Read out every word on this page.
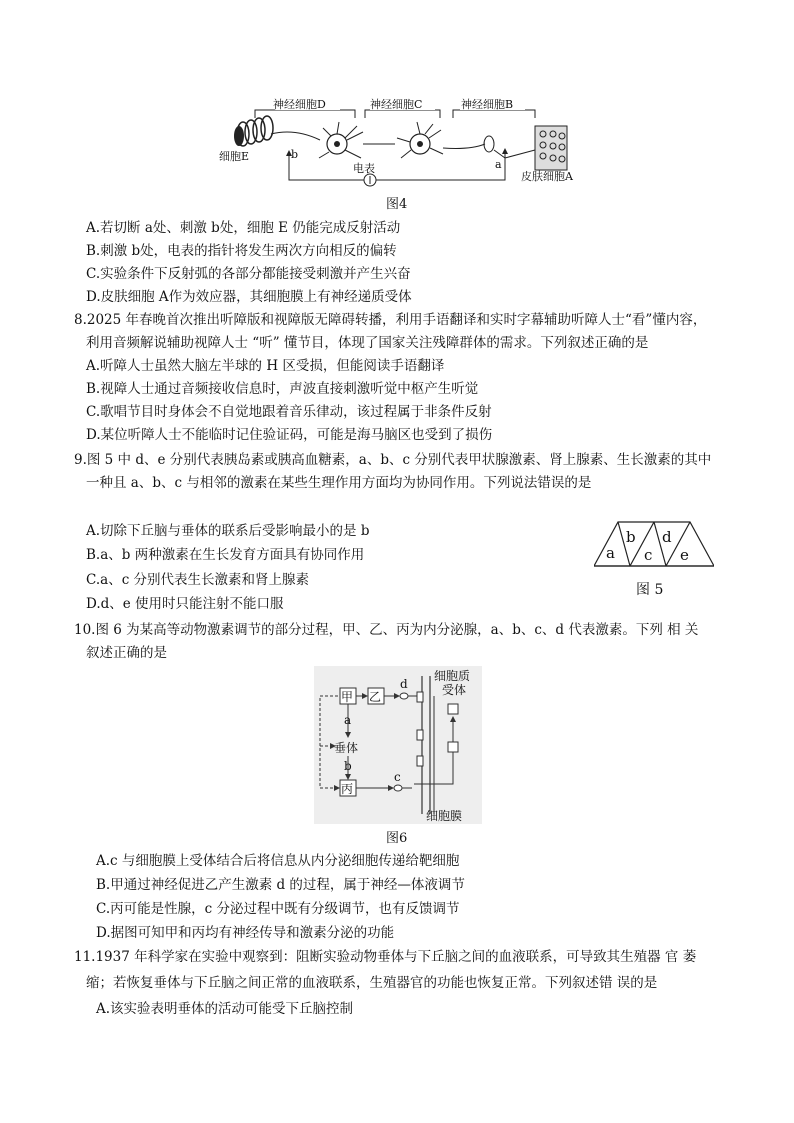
神经细胞D	神经细胞C	神经细胞B
细胞E
皮肤细胞A
b
a
电表
图4
A.若切断 a处、刺激 b处，细胞 E 仍能完成反射活动
B.刺激 b处，电表的指针将发生两次方向相反的偏转
C.实验条件下反射弧的各部分都能接受刺激并产生兴奋
D.皮肤细胞 A作为效应器，其细胞膜上有神经递质受体
8.2025 年春晚首次推出听障版和视障版无障碍转播，利用手语翻译和实时字幕辅助听障人士“看”懂内容，
利用音频解说辅助视障人士 “听” 懂节目，体现了国家关注残障群体的需求。下列叙述正确的是
A.听障人士虽然大脑左半球的 H 区受损，但能阅读手语翻译
B.视障人士通过音频接收信息时，声波直接刺激听觉中枢产生听觉
C.歌唱节目时身体会不自觉地跟着音乐律动，该过程属于非条件反射
D.某位听障人士不能临时记住验证码，可能是海马脑区也受到了损伤
9.图 5 中 d、e 分别代表胰岛素或胰高血糖素，a、b、c 分别代表甲状腺激素、肾上腺素、生长激素的其中
一种且 a、b、c 与相邻的激素在某些生理作用方面均为协同作用。下列说法错误的是
A.切除下丘脑与垂体的联系后受影响最小的是 b
B.a、b 两种激素在生长发育方面具有协同作用
C.a、c 分别代表生长激素和肾上腺素
D.d、e 使用时只能注射不能口服
a
b
c
d
e
图 5
10.图 6 为某高等动物激素调节的部分过程，甲、乙、丙为内分泌腺，a、b、c、d 代表激素。下列 相 关
叙述正确的是
甲 乙
d
a
垂体
b
丙
c
细胞质
受体
细胞膜
图6
A.c 与细胞膜上受体结合后将信息从内分泌细胞传递给靶细胞
B.甲通过神经促进乙产生激素 d 的过程，属于神经—体液调节
C.丙可能是性腺，c 分泌过程中既有分级调节，也有反馈调节
D.据图可知甲和丙均有神经传导和激素分泌的功能
11.1937 年科学家在实验中观察到：阻断实验动物垂体与下丘脑之间的血液联系，可导致其生殖器 官 萎
缩；若恢复垂体与下丘脑之间正常的血液联系，生殖器官的功能也恢复正常。下列叙述错 误的是
A.该实验表明垂体的活动可能受下丘脑控制
